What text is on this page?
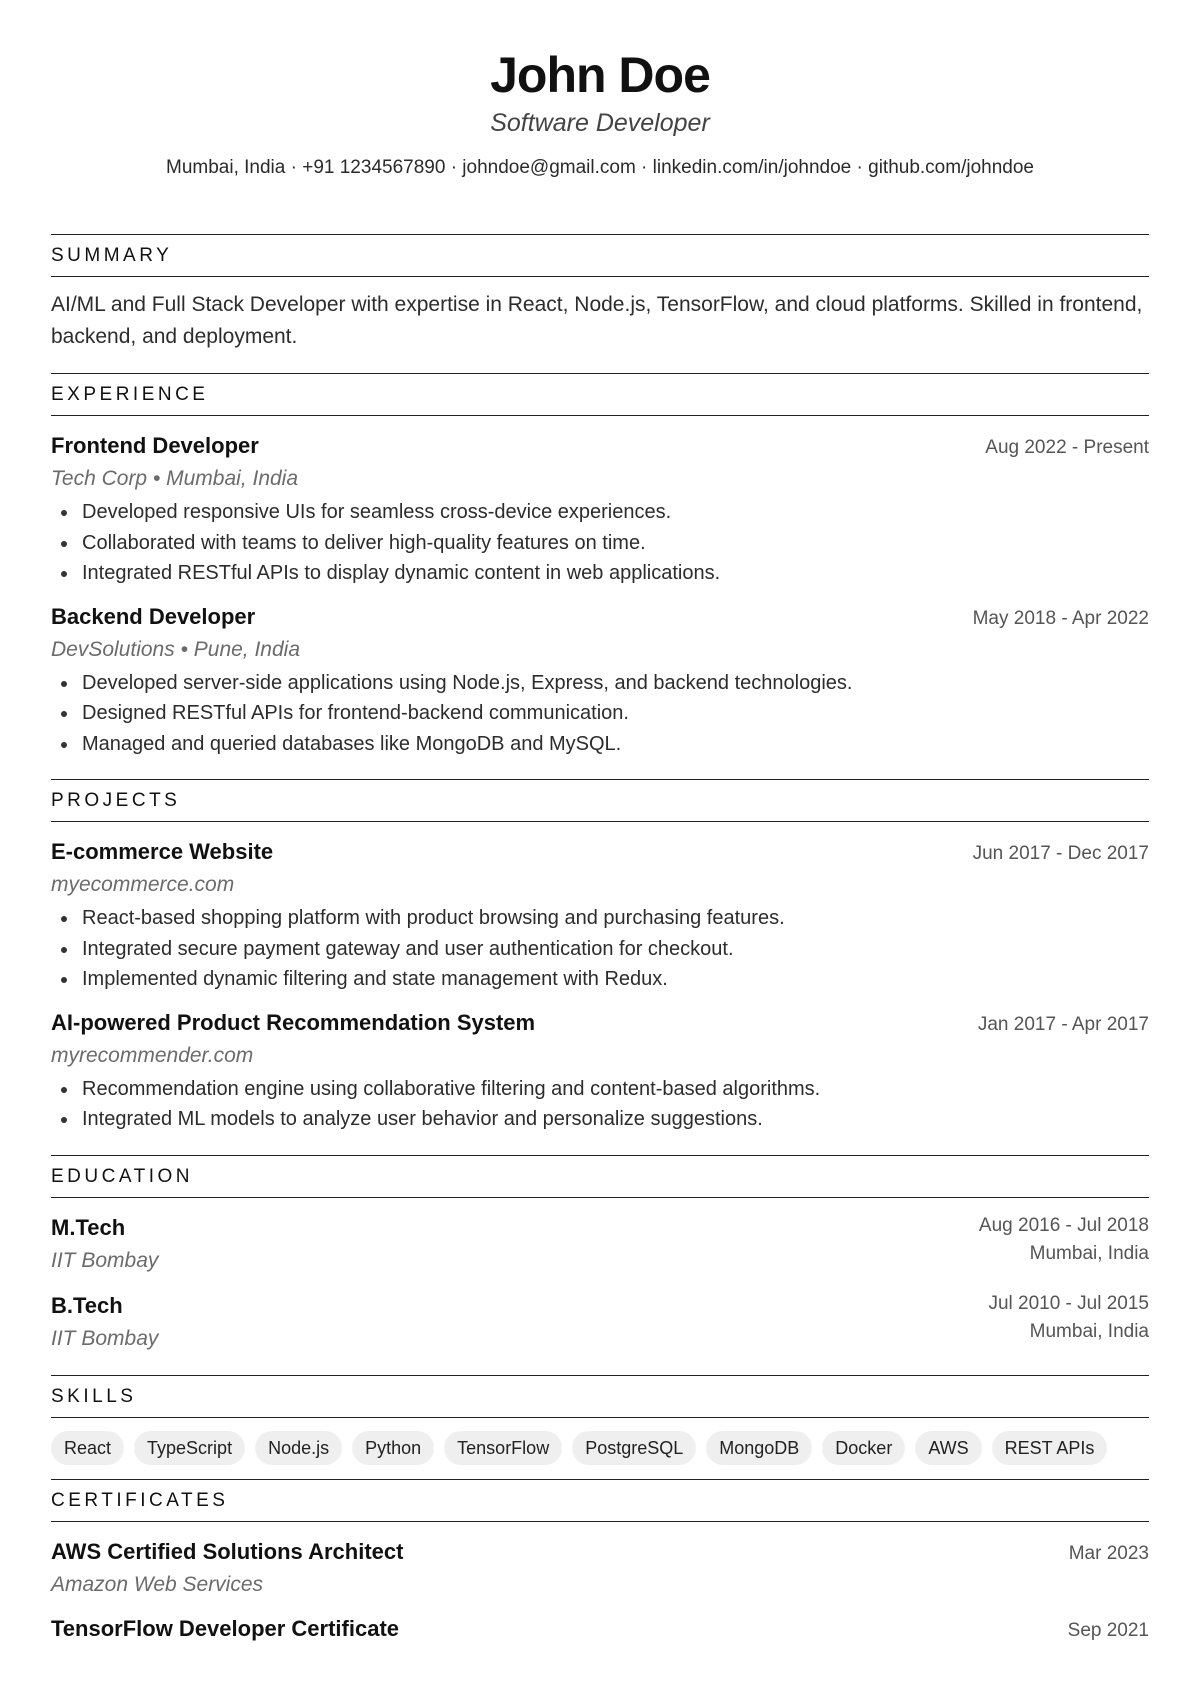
John Doe
Software Developer
Mumbai, India · +91 1234567890 · johndoe@gmail.com · linkedin.com/in/johndoe · github.com/johndoe
SUMMARY
AI/ML and Full Stack Developer with expertise in React, Node.js, TensorFlow, and cloud platforms. Skilled in frontend, backend, and deployment.
EXPERIENCE
Frontend Developer	Aug 2022 - Present
Tech Corp • Mumbai, India
Developed responsive UIs for seamless cross-device experiences.
Collaborated with teams to deliver high-quality features on time.
Integrated RESTful APIs to display dynamic content in web applications.
Backend Developer	May 2018 - Apr 2022
DevSolutions • Pune, India
Developed server-side applications using Node.js, Express, and backend technologies.
Designed RESTful APIs for frontend-backend communication.
Managed and queried databases like MongoDB and MySQL.
PROJECTS
E-commerce Website	Jun 2017 - Dec 2017
myecommerce.com
React-based shopping platform with product browsing and purchasing features.
Integrated secure payment gateway and user authentication for checkout.
Implemented dynamic filtering and state management with Redux.
AI-powered Product Recommendation System	Jan 2017 - Apr 2017
myrecommender.com
Recommendation engine using collaborative filtering and content-based algorithms.
Integrated ML models to analyze user behavior and personalize suggestions.
EDUCATION
M.Tech
IIT Bombay
Aug 2016 - Jul 2018
Mumbai, India
B.Tech
IIT Bombay
Jul 2010 - Jul 2015
Mumbai, India
SKILLS
React	TypeScript	Node.js	Python	TensorFlow	PostgreSQL	MongoDB	Docker	AWS	REST APIs
CERTIFICATES
AWS Certified Solutions Architect	Mar 2023
Amazon Web Services
TensorFlow Developer Certificate	Sep 2021
